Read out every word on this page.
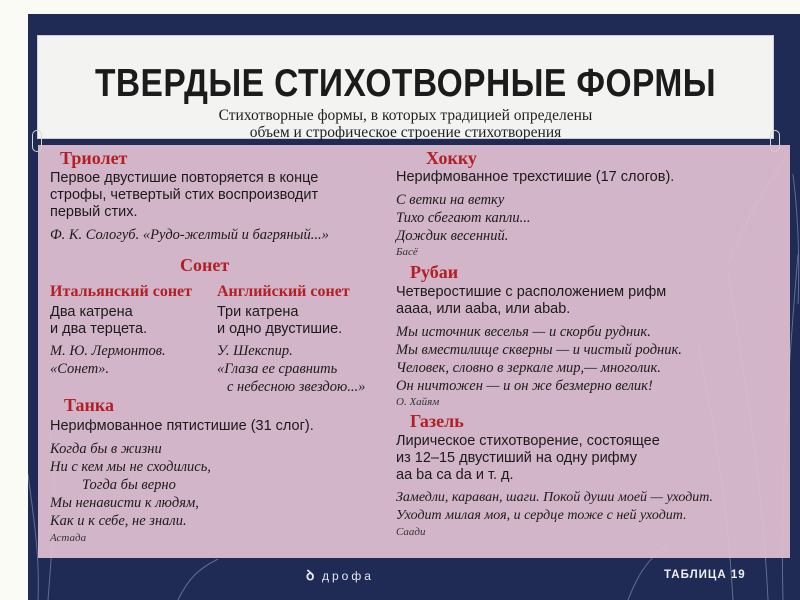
ТВЕРДЫЕ СТИХОТВОРНЫЕ ФОРМЫ
Стихотворные формы, в которых традицией определены
объем и строфическое строение стихотворения
Триолет
Первое двустишие повторяется в конце
строфы, четвертый стих воспроизводит
первый стих.
Ф. К. Сологуб. «Рудо-желтый и багряный...»
Сонет
Итальянский сонет
Два катрена
и два терцета.
М. Ю. Лермонтов.
«Сонет».
Английский сонет
Три катрена
и одно двустишие.
У. Шекспир.
«Глаза ее сравнить
с небесною звездою...»
Танка
Нерифмованное пятистишие (31 слог).
Когда бы в жизни
Ни с кем мы не сходились,
Тогда бы верно
Мы ненависти к людям,
Как и к себе, не знали.
Астада
Хокку
Нерифмованное трехстишие (17 слогов).
С ветки на ветку
Тихо сбегают капли...
Дождик весенний.
Басё
Рубаи
Четверостишие с расположением рифм
аааа, или ааbа, или аbаb.
Мы источник веселья — и скорби рудник.
Мы вместилище скверны — и чистый родник.
Человек, словно в зеркале мир,— многолик.
Он ничтожен — и он же безмерно велик!
О. Хайям
Газель
Лирическое стихотворение, состоящее
из 12–15 двустиший на одну рифму
аа bа са dа и т. д.
Замедли, караван, шаги. Покой души моей — уходит.
Уходит милая моя, и сердце тоже с ней уходит.
Саади
ꝺ дрофа	ТАБЛИЦА 19
